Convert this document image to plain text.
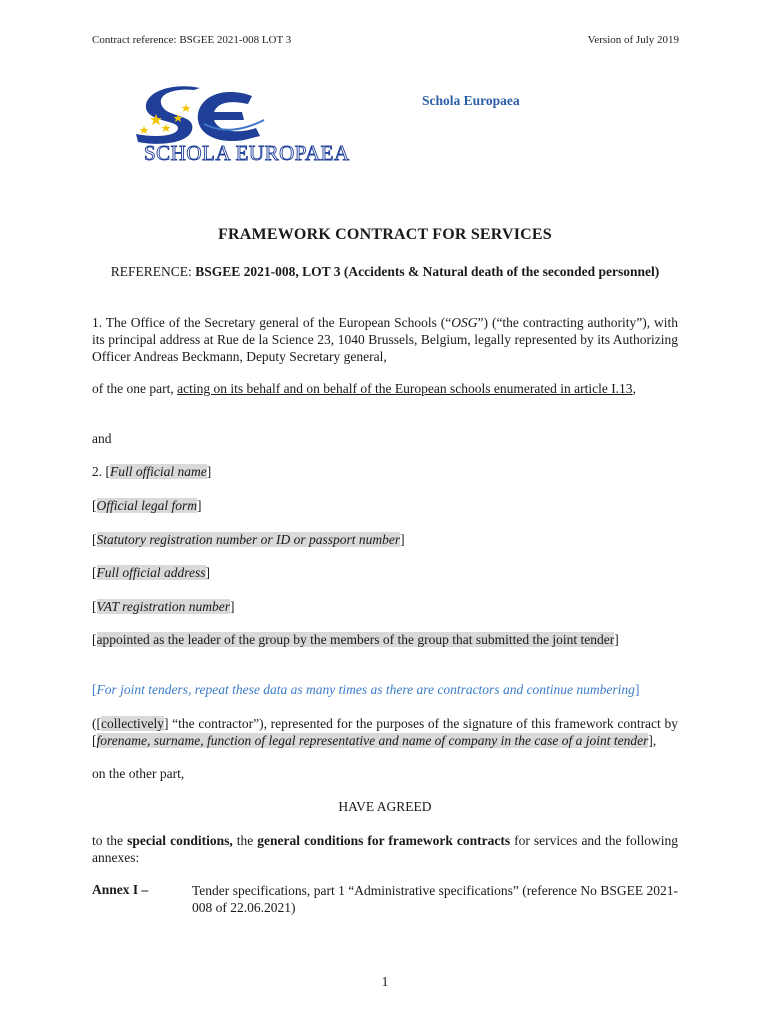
Contract reference: BSGEE 2021-008 LOT 3	Version of July 2019
SCHOLA EUROPAEA
Schola Europaea
FRAMEWORK CONTRACT FOR SERVICES
REFERENCE: BSGEE 2021-008, LOT 3 (Accidents & Natural death of the seconded personnel)
1. The Office of the Secretary general of the European Schools (“OSG”) (“the contracting authority”), with its principal address at Rue de la Science 23, 1040 Brussels, Belgium, legally represented by its Authorizing Officer Andreas Beckmann, Deputy Secretary general,
of the one part, acting on its behalf and on behalf of the European schools enumerated in article I.13,
and
2. [Full official name]
[Official legal form]
[Statutory registration number or ID or passport number]
[Full official address]
[VAT registration number]
[appointed as the leader of the group by the members of the group that submitted the joint tender]
[For joint tenders, repeat these data as many times as there are contractors and continue numbering]
([collectively] “the contractor”), represented for the purposes of the signature of this framework contract by [forename, surname, function of legal representative and name of company in the case of a joint tender],
on the other part,
HAVE AGREED
to the special conditions, the general conditions for framework contracts for services and the following annexes:
Annex I –	Tender specifications, part 1 “Administrative specifications” (reference No BSGEE 2021-008 of 22.06.2021)
1
